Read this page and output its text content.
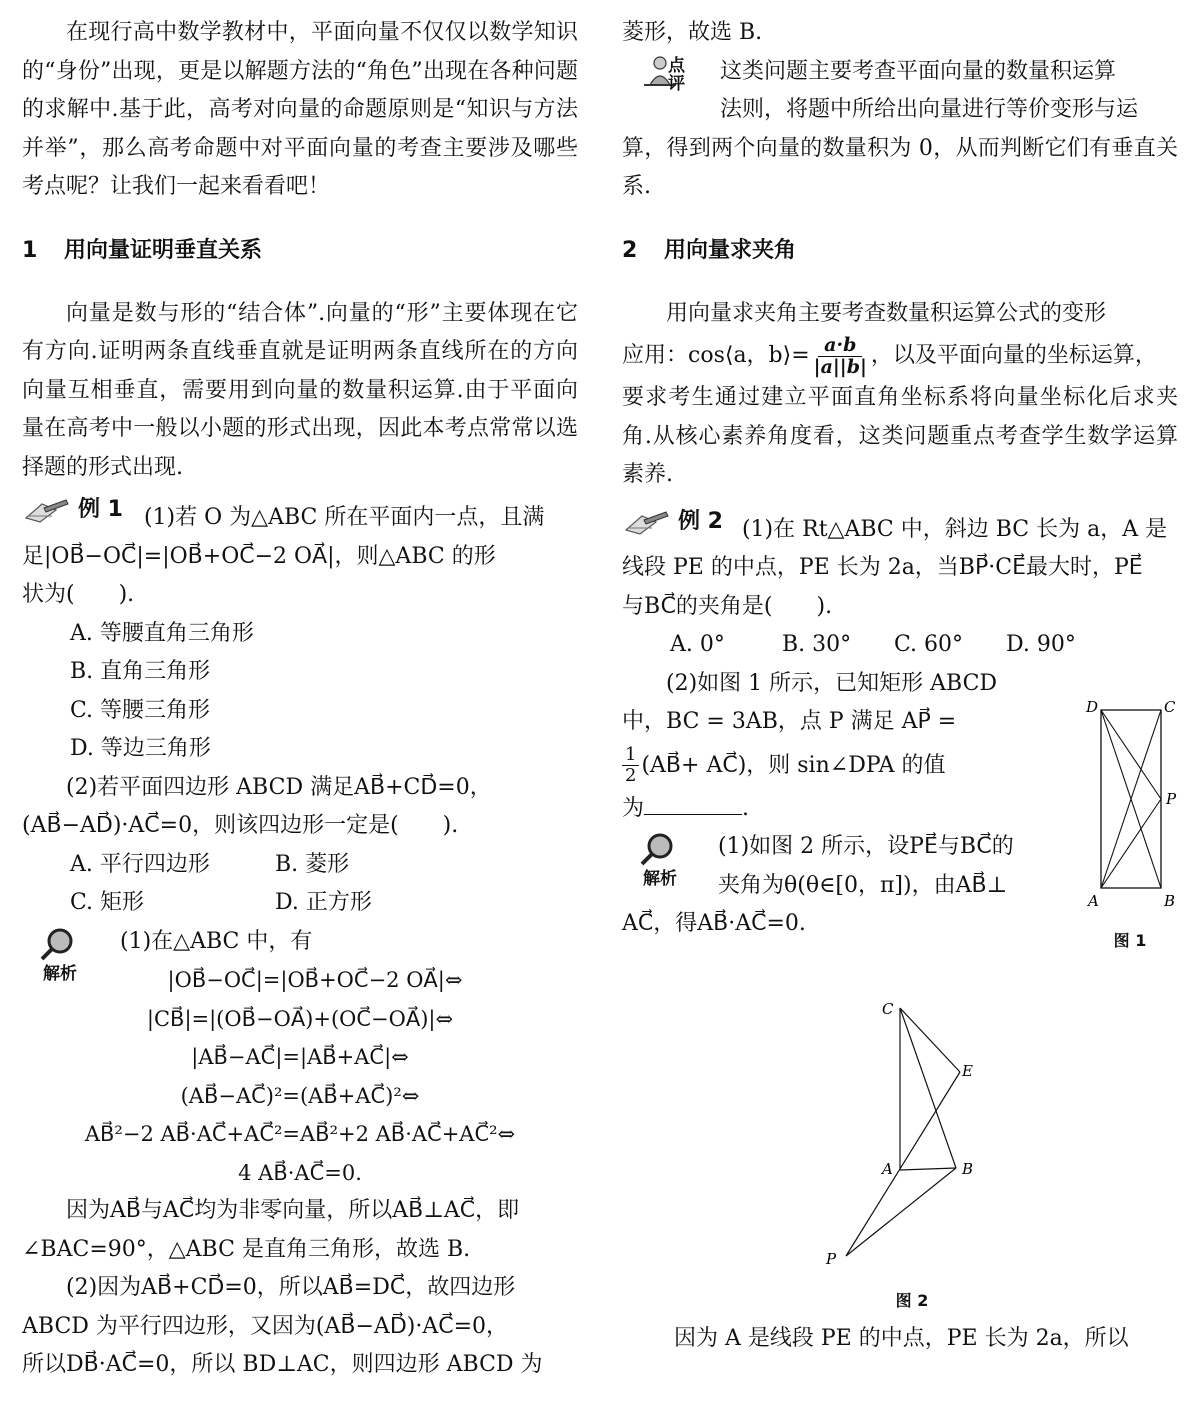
在现行高中数学教材中，平面向量不仅仅以数学知识的“身份”出现，更是以解题方法的“角色”出现在各种问题的求解中.基于此，高考对向量的命题原则是“知识与方法并举”，那么高考命题中对平面向量的考查主要涉及哪些考点呢？让我们一起来看看吧！

1 用向量证明垂直关系

向量是数与形的“结合体”.向量的“形”主要体现在它有方向.证明两条直线垂直就是证明两条直线所在的方向向量互相垂直，需要用到向量的数量积运算.由于平面向量在高考中一般以小题的形式出现，因此本考点常常以选择题的形式出现.

例 1 (1)若 O 为△ABC 所在平面内一点，且满
足|OB⃗−OC⃗|=|OB⃗+OC⃗−2 OA⃗|，则△ABC 的形
状为(　　).
A. 等腰直角三角形
B. 直角三角形
C. 等腰三角形
D. 等边三角形
(2)若平面四边形 ABCD 满足AB⃗+CD⃗=0，
(AB⃗−AD⃗)·AC⃗=0，则该四边形一定是(　　).
A. 平行四边形	B. 菱形
C. 矩形	D. 正方形
解析
(1)在△ABC 中，有
|OB⃗−OC⃗|=|OB⃗+OC⃗−2 OA⃗|⇔
|CB⃗|=|(OB⃗−OA⃗)+(OC⃗−OA⃗)|⇔
|AB⃗−AC⃗|=|AB⃗+AC⃗|⇔
(AB⃗−AC⃗)²=(AB⃗+AC⃗)²⇔
AB⃗²−2 AB⃗·AC⃗+AC⃗²=AB⃗²+2 AB⃗·AC⃗+AC⃗²⇔
4 AB⃗·AC⃗=0.
因为AB⃗与AC⃗均为非零向量，所以AB⃗⊥AC⃗，即
∠BAC=90°，△ABC 是直角三角形，故选 B.
(2)因为AB⃗+CD⃗=0，所以AB⃗=DC⃗，故四边形
ABCD 为平行四边形，又因为(AB⃗−AD⃗)·AC⃗=0，
所以DB⃗·AC⃗=0，所以 BD⊥AC，则四边形 ABCD 为
菱形，故选 B.
点
评	这类问题主要考查平面向量的数量积运算
法则，将题中所给出向量进行等价变形与运

算，得到两个向量的数量积为 0，从而判断它们有垂直关系.

2 用向量求夹角
用向量求夹角主要考查数量积运算公式的变形
应用：cos⟨a，b⟩= $\frac{a\cdot b}{|a||b|}$ ，以及平面向量的坐标运算，

要求考生通过建立平面直角坐标系将向量坐标化后求夹角.从核心素养角度看，这类问题重点考查学生数学运算素养.

例 2 (1)在 Rt△ABC 中，斜边 BC 长为 a，A 是
线段 PE 的中点，PE 长为 2a，当BP⃗·CE⃗最大时，PE⃗
与BC⃗的夹角是(　　).
A. 0°	B. 30° C. 60° D. 90°
(2)如图 1 所示，已知矩形 ABCD
中，BC = 3AB，点 P 满足 AP⃗ =
$\frac{1}{2}$ (AB⃗+ AC⃗)，则 sin∠DPA 的值
为	.
解析
(1)如图 2 所示，设PE⃗与BC⃗的
夹角为θ(θ∈[0，π])，由AB⃗⊥
AC⃗，得AB⃗·AC⃗=0.
D	C
P
A	B
图 1
C
E
A	B
P
图 2
因为 A 是线段 PE 的中点，PE 长为 2a，所以
